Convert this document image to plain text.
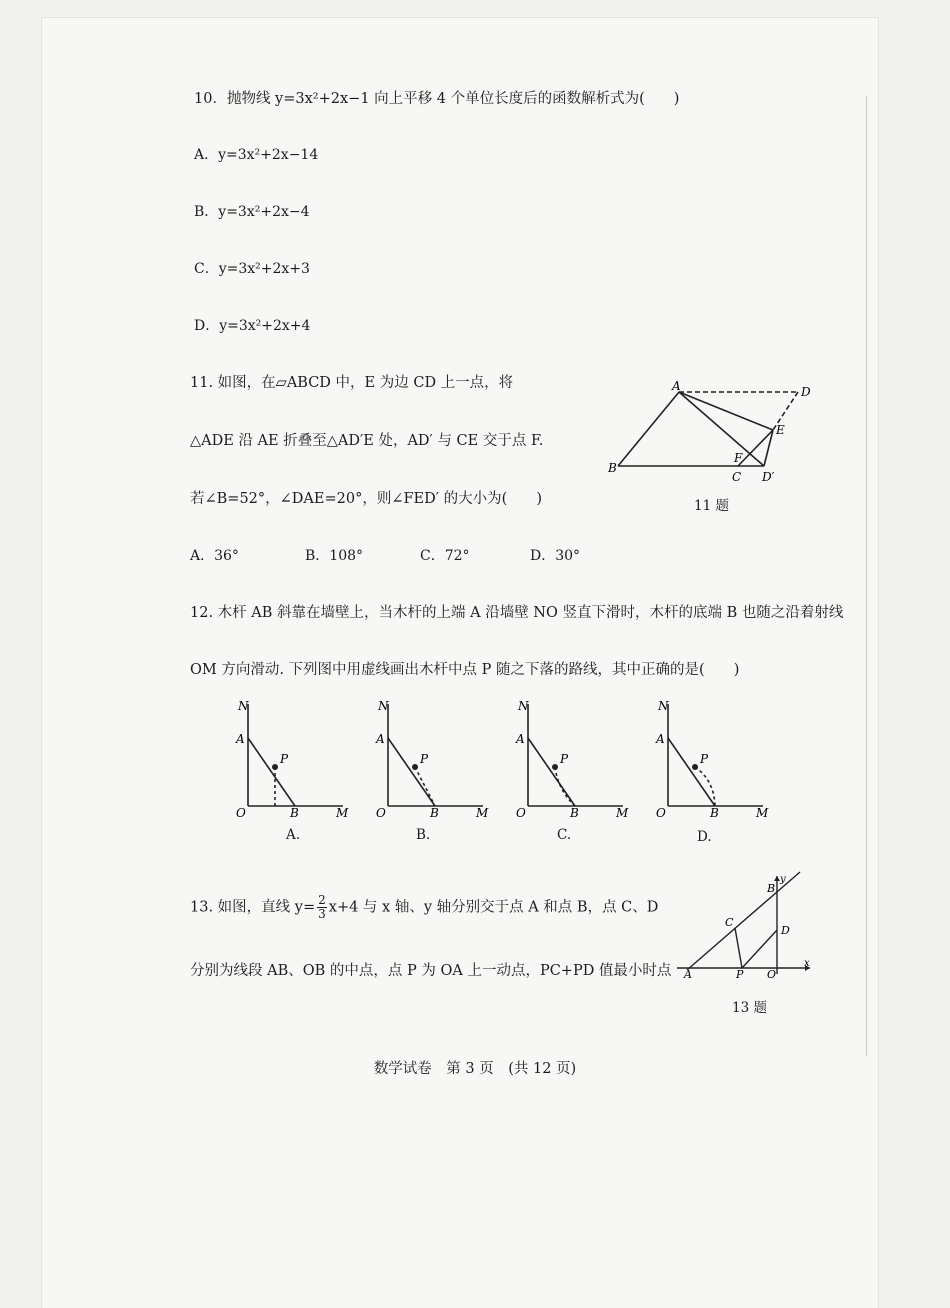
10．抛物线 y=3x²+2x−1 向上平移 4 个单位长度后的函数解析式为(　　)
A．y=3x²+2x−14
B．y=3x²+2x−4
C．y=3x²+2x+3
D．y=3x²+2x+4
11. 如图，在▱ABCD 中，E 为边 CD 上一点，将
△ADE 沿 AE 折叠至△AD′E 处，AD′ 与 CE 交于点 F.
若∠B=52°，∠DAE=20°，则∠FED′ 的大小为(　　)
A．36°	B．108°	C．72°	D．30°
A	D
E
F
B
C D′
11 题
12. 木杆 AB 斜靠在墙壁上，当木杆的上端 A 沿墙壁 NO 竖直下滑时，木杆的底端 B 也随之沿着射线
OM 方向滑动. 下列图中用虚线画出木杆中点 P 随之下落的路线，其中正确的是(　　)
N
A
P
O	B	M
A.
N
A
P
O	B	M
B.
N
A
P
O	B	M
C.
N
A
P
O	B	M
D.
13. 如图，直线 $y= \frac{2}{3} x+4$ 与 x 轴、y 轴分别交于点 A 和点 B，点 C、D
分别为线段 AB、OB 的中点，点 P 为 OA 上一动点，PC+PD 值最小时点
y
B
C
D
A	P O
x
13 题
数学试卷　第 3 页　(共 12 页)
